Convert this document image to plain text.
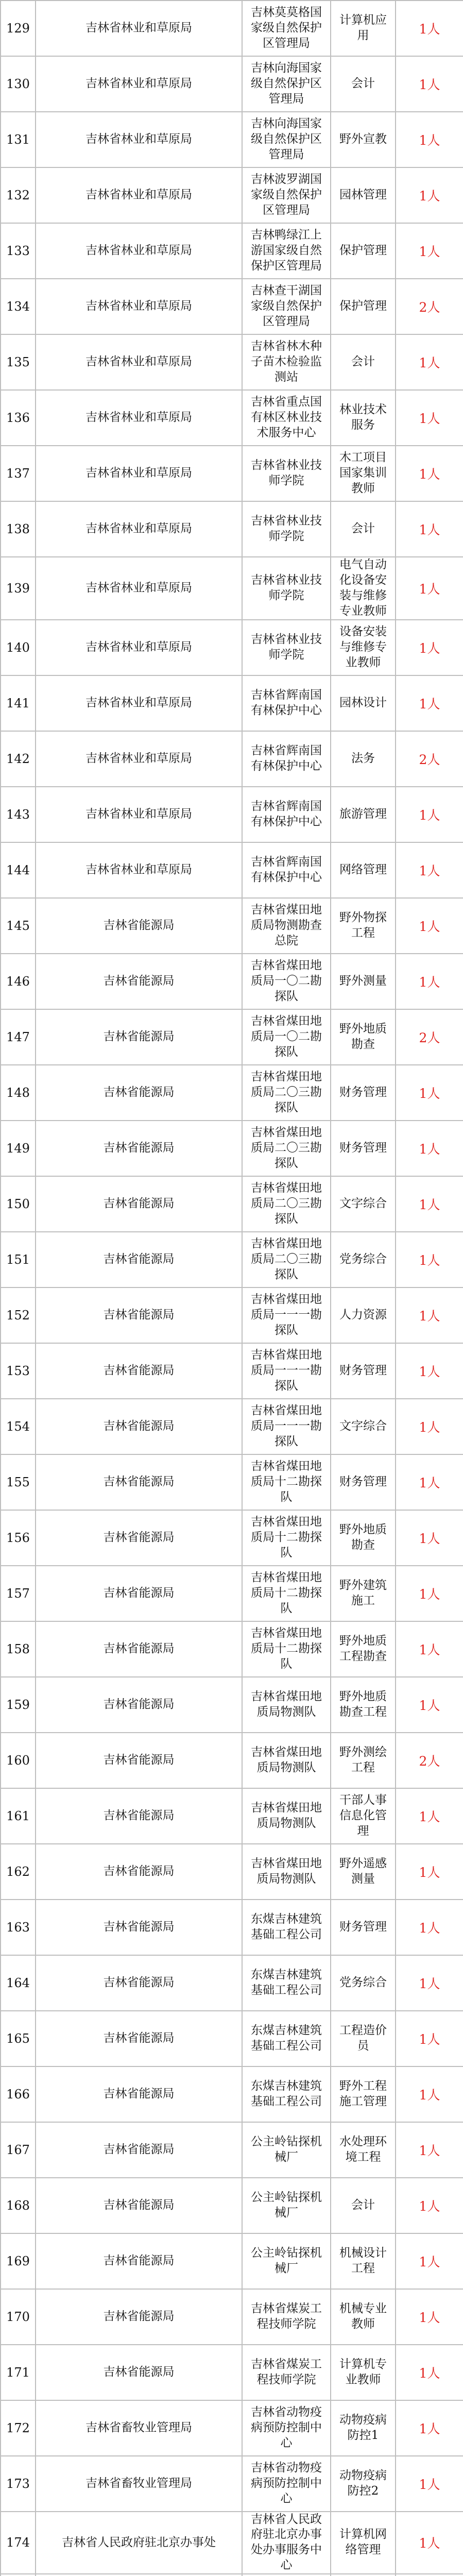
129	吉林省林业和草原局	吉林莫莫格国家级自然保护区管理局	计算机应用	1人
130	吉林省林业和草原局	吉林向海国家级自然保护区管理局	会计	1人
131	吉林省林业和草原局	吉林向海国家级自然保护区管理局	野外宣教	1人
132	吉林省林业和草原局	吉林波罗湖国家级自然保护区管理局	园林管理	1人
133	吉林省林业和草原局	吉林鸭绿江上游国家级自然保护区管理局	保护管理	1人
134	吉林省林业和草原局	吉林查干湖国家级自然保护区管理局	保护管理	2人
135	吉林省林业和草原局	吉林省林木种子苗木检验监测站	会计	1人
136	吉林省林业和草原局	吉林省重点国有林区林业技术服务中心	林业技术服务	1人
137	吉林省林业和草原局	吉林省林业技师学院	木工项目国家集训教师	1人
138	吉林省林业和草原局	吉林省林业技师学院	会计	1人
139	吉林省林业和草原局	吉林省林业技师学院	电气自动化设备安装与维修专业教师	1人
140	吉林省林业和草原局	吉林省林业技师学院	设备安装与维修专业教师	1人
141	吉林省林业和草原局	吉林省辉南国有林保护中心	园林设计	1人
142	吉林省林业和草原局	吉林省辉南国有林保护中心	法务	2人
143	吉林省林业和草原局	吉林省辉南国有林保护中心	旅游管理	1人
144	吉林省林业和草原局	吉林省辉南国有林保护中心	网络管理	1人
145	吉林省能源局	吉林省煤田地质局物测勘查总院	野外物探工程	1人
146	吉林省能源局	吉林省煤田地质局一〇二勘探队	野外测量	1人
147	吉林省能源局	吉林省煤田地质局一〇二勘探队	野外地质勘查	2人
148	吉林省能源局	吉林省煤田地质局二〇三勘探队	财务管理	1人
149	吉林省能源局	吉林省煤田地质局二〇三勘探队	财务管理	1人
150	吉林省能源局	吉林省煤田地质局二〇三勘探队	文字综合	1人
151	吉林省能源局	吉林省煤田地质局二〇三勘探队	党务综合	1人
152	吉林省能源局	吉林省煤田地质局一一一勘探队	人力资源	1人
153	吉林省能源局	吉林省煤田地质局一一一勘探队	财务管理	1人
154	吉林省能源局	吉林省煤田地质局一一一勘探队	文字综合	1人
155	吉林省能源局	吉林省煤田地质局十二勘探队	财务管理	1人
156	吉林省能源局	吉林省煤田地质局十二勘探队	野外地质勘查	1人
157	吉林省能源局	吉林省煤田地质局十二勘探队	野外建筑施工	1人
158	吉林省能源局	吉林省煤田地质局十二勘探队	野外地质工程勘查	1人
159	吉林省能源局	吉林省煤田地质局物测队	野外地质勘查工程	1人
160	吉林省能源局	吉林省煤田地质局物测队	野外测绘工程	2人
161	吉林省能源局	吉林省煤田地质局物测队	干部人事信息化管理	1人
162	吉林省能源局	吉林省煤田地质局物测队	野外遥感测量	1人
163	吉林省能源局	东煤吉林建筑基础工程公司	财务管理	1人
164	吉林省能源局	东煤吉林建筑基础工程公司	党务综合	1人
165	吉林省能源局	东煤吉林建筑基础工程公司	工程造价员	1人
166	吉林省能源局	东煤吉林建筑基础工程公司	野外工程施工管理	1人
167	吉林省能源局	公主岭钻探机械厂	水处理环境工程	1人
168	吉林省能源局	公主岭钻探机械厂	会计	1人
169	吉林省能源局	公主岭钻探机械厂	机械设计工程	1人
170	吉林省能源局	吉林省煤炭工程技师学院	机械专业教师	1人
171	吉林省能源局	吉林省煤炭工程技师学院	计算机专业教师	1人
172	吉林省畜牧业管理局	吉林省动物疫病预防控制中心	动物疫病防控1	1人
173	吉林省畜牧业管理局	吉林省动物疫病预防控制中心	动物疫病防控2	1人
174	吉林省人民政府驻北京办事处	吉林省人民政府驻北京办事处办事服务中心	计算机网络管理	1人
